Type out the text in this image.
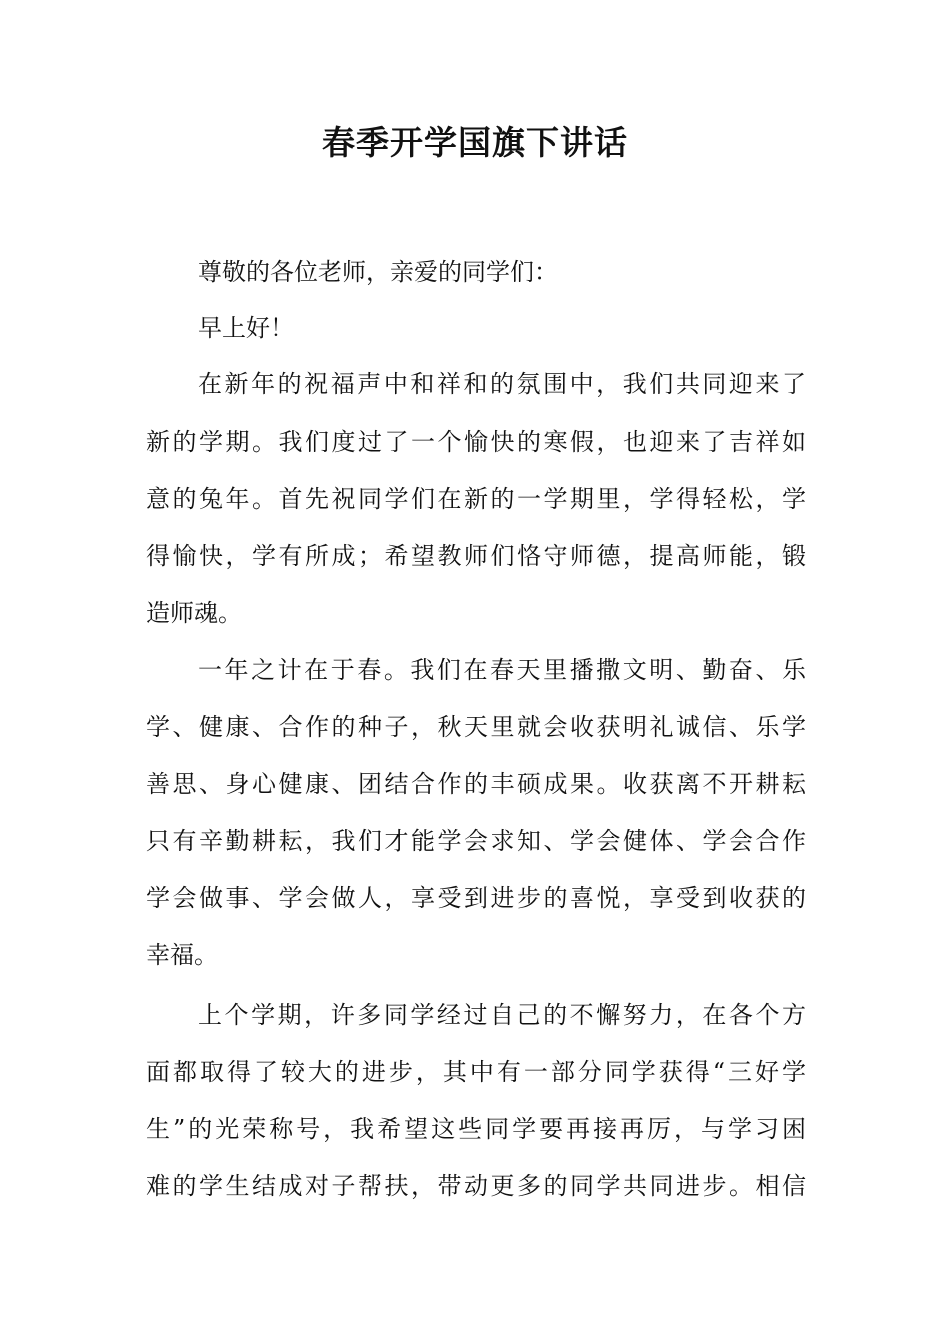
春季开学国旗下讲话
尊敬的各位老师，亲爱的同学们：
早上好！
在新年的祝福声中和祥和的氛围中，我们共同迎来了
新的学期。我们度过了一个愉快的寒假，也迎来了吉祥如
意的兔年。首先祝同学们在新的一学期里，学得轻松，学
得愉快，学有所成；希望教师们恪守师德，提高师能，锻
造师魂。
一年之计在于春。我们在春天里播撒文明、勤奋、乐
学、健康、合作的种子，秋天里就会收获明礼诚信、乐学
善思、身心健康、团结合作的丰硕成果。收获离不开耕耘
只有辛勤耕耘，我们才能学会求知、学会健体、学会合作
学会做事、学会做人，享受到进步的喜悦，享受到收获的
幸福。
上个学期，许多同学经过自己的不懈努力，在各个方
面都取得了较大的进步，其中有一部分同学获得“三好学
生”的光荣称号，我希望这些同学要再接再厉，与学习困
难的学生结成对子帮扶，带动更多的同学共同进步。相信
